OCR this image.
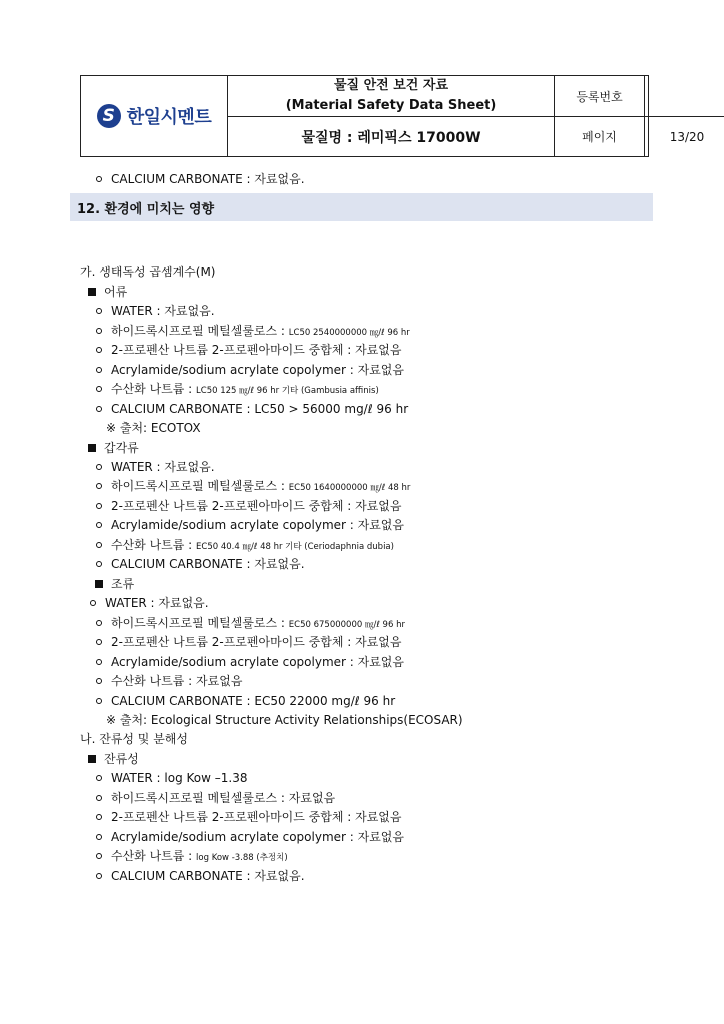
S
한일시멘트
물질 안전 보건 자료
(Material Safety Data Sheet)
물질명 : 레미픽스 17000W
등록번호
페이지	13/20
CALCIUM CARBONATE : 자료없음.
12. 환경에 미치는 영향
가. 생태독성 곱셈계수(M)
어류
WATER : 자료없음.
하이드록시프로필 메틸셀룰로스 : LC50 2540000000 ㎎/ℓ 96 hr
2-프로펜산 나트륨 2-프로펜아마이드 중합체 : 자료없음
Acrylamide/sodium acrylate copolymer : 자료없음
수산화 나트륨 : LC50 125 ㎎/ℓ 96 hr 기타 (Gambusia affinis)
CALCIUM CARBONATE : LC50 > 56000 mg/ℓ 96 hr
※ 출처: ECOTOX
갑각류
WATER : 자료없음.
하이드록시프로필 메틸셀룰로스 : EC50 1640000000 ㎎/ℓ 48 hr
2-프로펜산 나트륨 2-프로펜아마이드 중합체 : 자료없음
Acrylamide/sodium acrylate copolymer : 자료없음
수산화 나트륨 : EC50 40.4 ㎎/ℓ 48 hr 기타 (Ceriodaphnia dubia)
CALCIUM CARBONATE : 자료없음.
조류
WATER : 자료없음.
하이드록시프로필 메틸셀룰로스 : EC50 675000000 ㎎/ℓ 96 hr
2-프로펜산 나트륨 2-프로펜아마이드 중합체 : 자료없음
Acrylamide/sodium acrylate copolymer : 자료없음
수산화 나트륨 : 자료없음
CALCIUM CARBONATE : EC50 22000 mg/ℓ 96 hr
※ 출처: Ecological Structure Activity Relationships(ECOSAR)
나. 잔류성 및 분해성
잔류성
WATER : log Kow –1.38
하이드록시프로필 메틸셀룰로스 : 자료없음
2-프로펜산 나트륨 2-프로펜아마이드 중합체 : 자료없음
Acrylamide/sodium acrylate copolymer : 자료없음
수산화 나트륨 : log Kow -3.88 (추정치)
CALCIUM CARBONATE : 자료없음.
